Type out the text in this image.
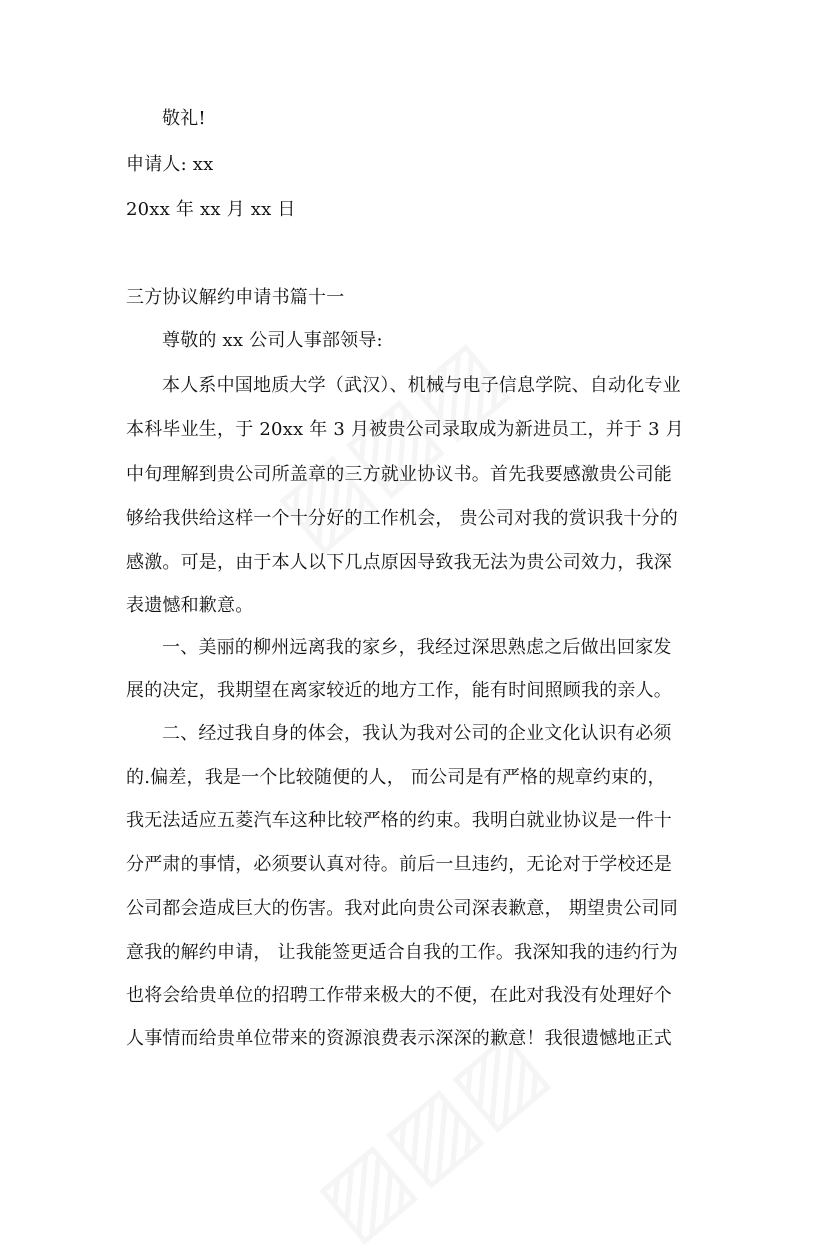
敬礼!
申请人: xx
20xx 年 xx 月 xx 日
三方协议解约申请书篇十一
尊敬的 xx 公司人事部领导:
本人系中国地质大学（武汉）、机械与电子信息学院、自动化专业
本科毕业生，于 20xx 年 3 月被贵公司录取成为新进员工，并于 3 月
中旬理解到贵公司所盖章的三方就业协议书。首先我要感激贵公司能
够给我供给这样一个十分好的工作机会， 贵公司对我的赏识我十分的
感激。可是，由于本人以下几点原因导致我无法为贵公司效力，我深
表遗憾和歉意。
一、美丽的柳州远离我的家乡，我经过深思熟虑之后做出回家发
展的决定，我期望在离家较近的地方工作，能有时间照顾我的亲人。
二、经过我自身的体会，我认为我对公司的企业文化认识有必须
的.偏差，我是一个比较随便的人， 而公司是有严格的规章约束的，
我无法适应五菱汽车这种比较严格的约束。我明白就业协议是一件十
分严肃的事情，必须要认真对待。前后一旦违约，无论对于学校还是
公司都会造成巨大的伤害。我对此向贵公司深表歉意， 期望贵公司同
意我的解约申请， 让我能签更适合自我的工作。我深知我的违约行为
也将会给贵单位的招聘工作带来极大的不便，在此对我没有处理好个
人事情而给贵单位带来的资源浪费表示深深的歉意！我很遗憾地正式
